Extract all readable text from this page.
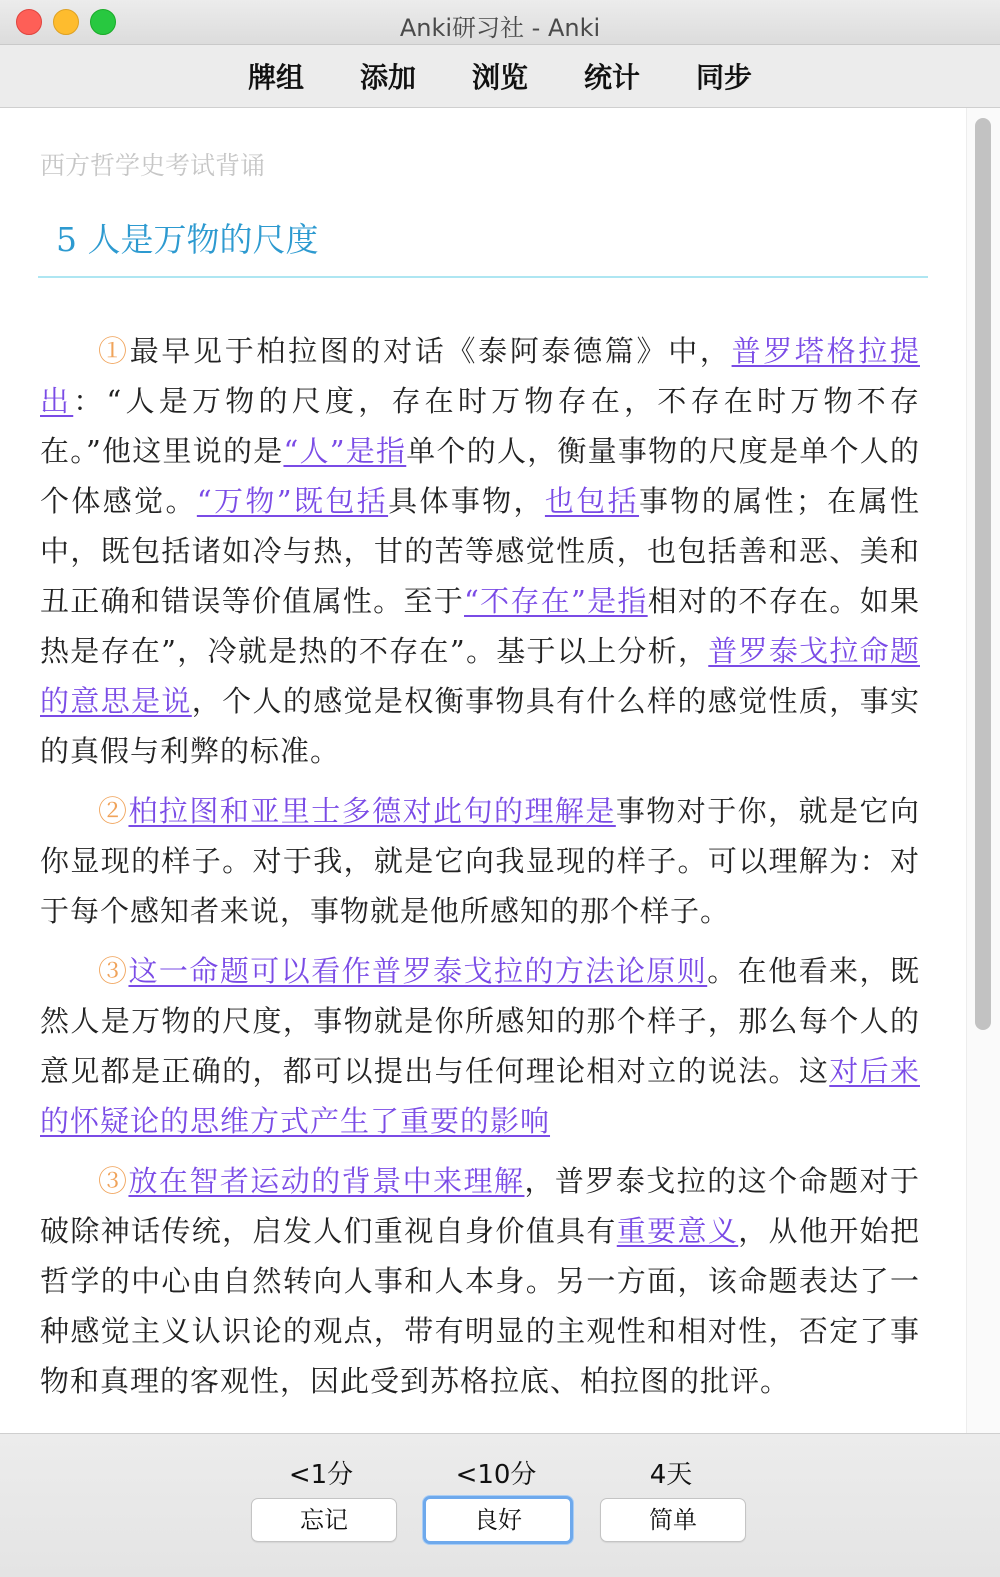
Anki研习社 - Anki
牌组	添加	浏览	统计	同步
西方哲学史考试背诵
5 人是万物的尺度

①最早见于柏拉图的对话《泰阿泰德篇》中，普罗塔格拉提出：“人是万物的尺度，存在时万物存在，不存在时万物不存在。”他这里说的是“人”是指单个的人，衡量事物的尺度是单个人的个体感觉。“万物”既包括具体事物，也包括事物的属性；在属性中，既包括诸如冷与热，甘的苦等感觉性质，也包括善和恶、美和丑正确和错误等价值属性。至于“不存在”是指相对的不存在。如果热是存在”，冷就是热的不存在”。基于以上分析，普罗泰戈拉命题的意思是说，个人的感觉是权衡事物具有什么样的感觉性质，事实的真假与利弊的标准。

②柏拉图和亚里士多德对此句的理解是事物对于你，就是它向你显现的样子。对于我，就是它向我显现的样子。可以理解为：对于每个感知者来说，事物就是他所感知的那个样子。

③这一命题可以看作普罗泰戈拉的方法论原则。在他看来，既然人是万物的尺度，事物就是你所感知的那个样子，那么每个人的意见都是正确的，都可以提出与任何理论相对立的说法。这对后来的怀疑论的思维方式产生了重要的影响

③放在智者运动的背景中来理解，普罗泰戈拉的这个命题对于破除神话传统，启发人们重视自身价值具有重要意义，从他开始把哲学的中心由自然转向人事和人本身。另一方面，该命题表达了一种感觉主义认识论的观点，带有明显的主观性和相对性，否定了事物和真理的客观性，因此受到苏格拉底、柏拉图的批评。

<1分	<10分	4天
忘记	良好	简单
